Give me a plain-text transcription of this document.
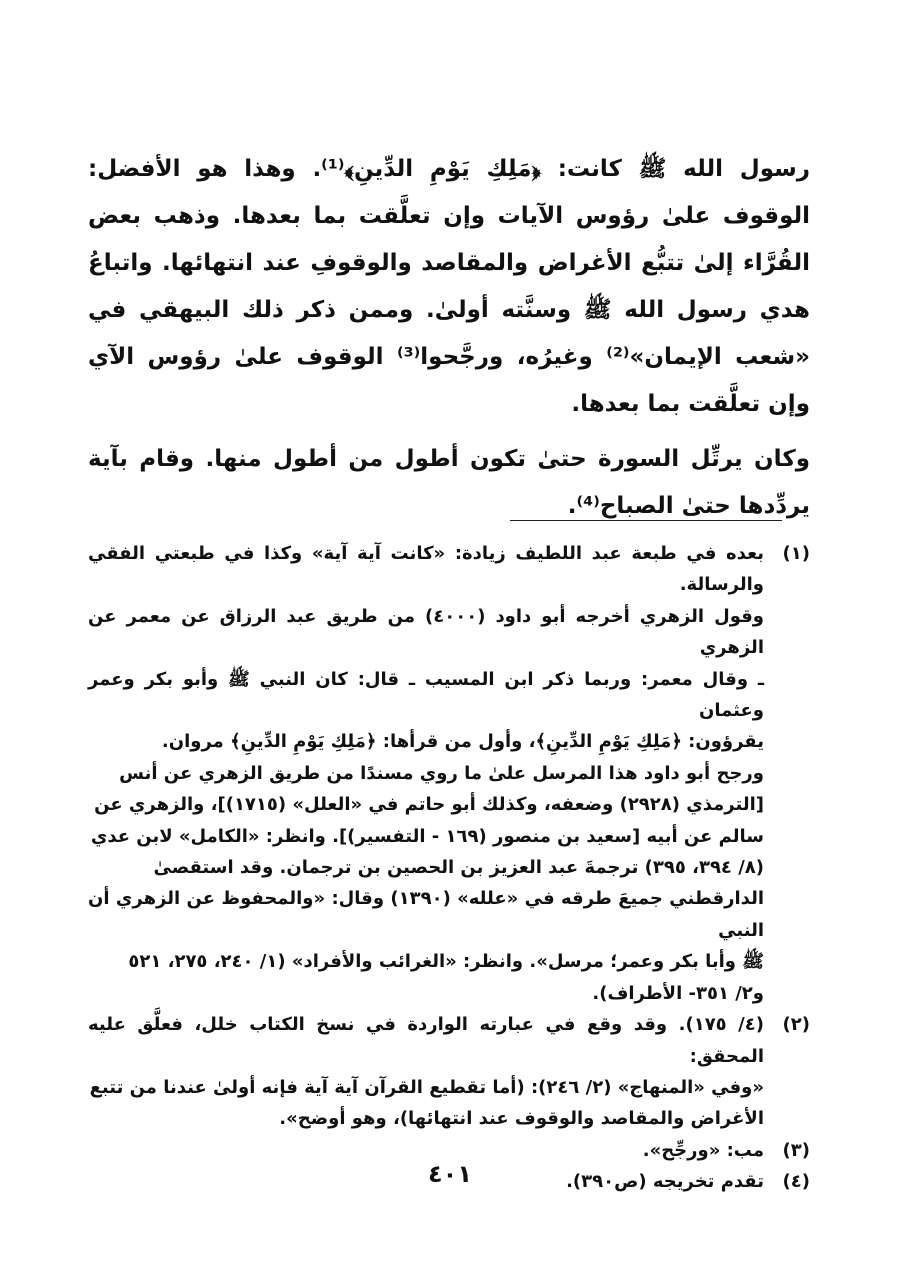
رسول الله ﷺ كانت: ﴿مَلِكِ يَوْمِ الدِّينِ﴾⁽¹⁾. وهذا هو الأفضل: الوقوف علىٰ رؤوس الآيات وإن تعلَّقت بما بعدها. وذهب بعض القُرَّاء إلىٰ تتبُّع الأغراض والمقاصد والوقوفِ عند انتهائها. واتباعُ هدي رسول الله ﷺ وسنَّته أولىٰ. وممن ذكر ذلك البيهقي في «شعب الإيمان»⁽²⁾ وغيرُه، ورجَّحوا⁽³⁾ الوقوف علىٰ رؤوس الآي وإن تعلَّقت بما بعدها.

وكان يرتِّل السورة حتىٰ تكون أطول من أطول منها. وقام بآية يردِّدها حتىٰ الصباح⁽⁴⁾.

(١)
بعده في طبعة عبد اللطيف زيادة: «كانت آية آية» وكذا في طبعتي الفقي والرسالة.
وقول الزهري أخرجه أبو داود (٤٠٠٠) من طريق عبد الرزاق عن معمر عن الزهري
ـ وقال معمر: وربما ذكر ابن المسيب ـ قال: كان النبي ﷺ وأبو بكر وعمر وعثمان
يقرؤون: ﴿مَلِكِ يَوْمِ الدِّينِ﴾، وأول من قرأها: ﴿مَلِكِ يَوْمِ الدِّينِ﴾ مروان.
ورجح أبو داود هذا المرسل علىٰ ما روي مسندًا من طريق الزهري عن أنس
[الترمذي (٢٩٢٨) وضعفه، وكذلك أبو حاتم في «العلل» (١٧١٥)]، والزهري عن
سالم عن أبيه [سعيد بن منصور (١٦٩ - التفسير)]. وانظر: «الكامل» لابن عدي
(٨/ ٣٩٤، ٣٩٥) ترجمةَ عبد العزيز بن الحصين بن ترجمان. وقد استقصىٰ
الدارقطني جميعَ طرقه في «علله» (١٣٩٠) وقال: «والمحفوظ عن الزهري أن النبي
ﷺ وأبا بكر وعمر؛ مرسل». وانظر: «الغرائب والأفراد» (١/ ٢٤٠، ٢٧٥، ٥٢١
و٢/ ٣٥١- الأطراف).
(٢)
(٤/ ١٧٥). وقد وقع في عبارته الواردة في نسخ الكتاب خلل، فعلَّق عليه المحقق:
«وفي «المنهاج» (٢/ ٢٤٦): (أما تقطيع القرآن آية آية فإنه أولىٰ عندنا من تتبع
الأغراض والمقاصد والوقوف عند انتهائها)، وهو أوضح».
(٣)
مب: «ورجِّح».
(٤)
تقدم تخريجه (ص٣٩٠).
٤٠١
